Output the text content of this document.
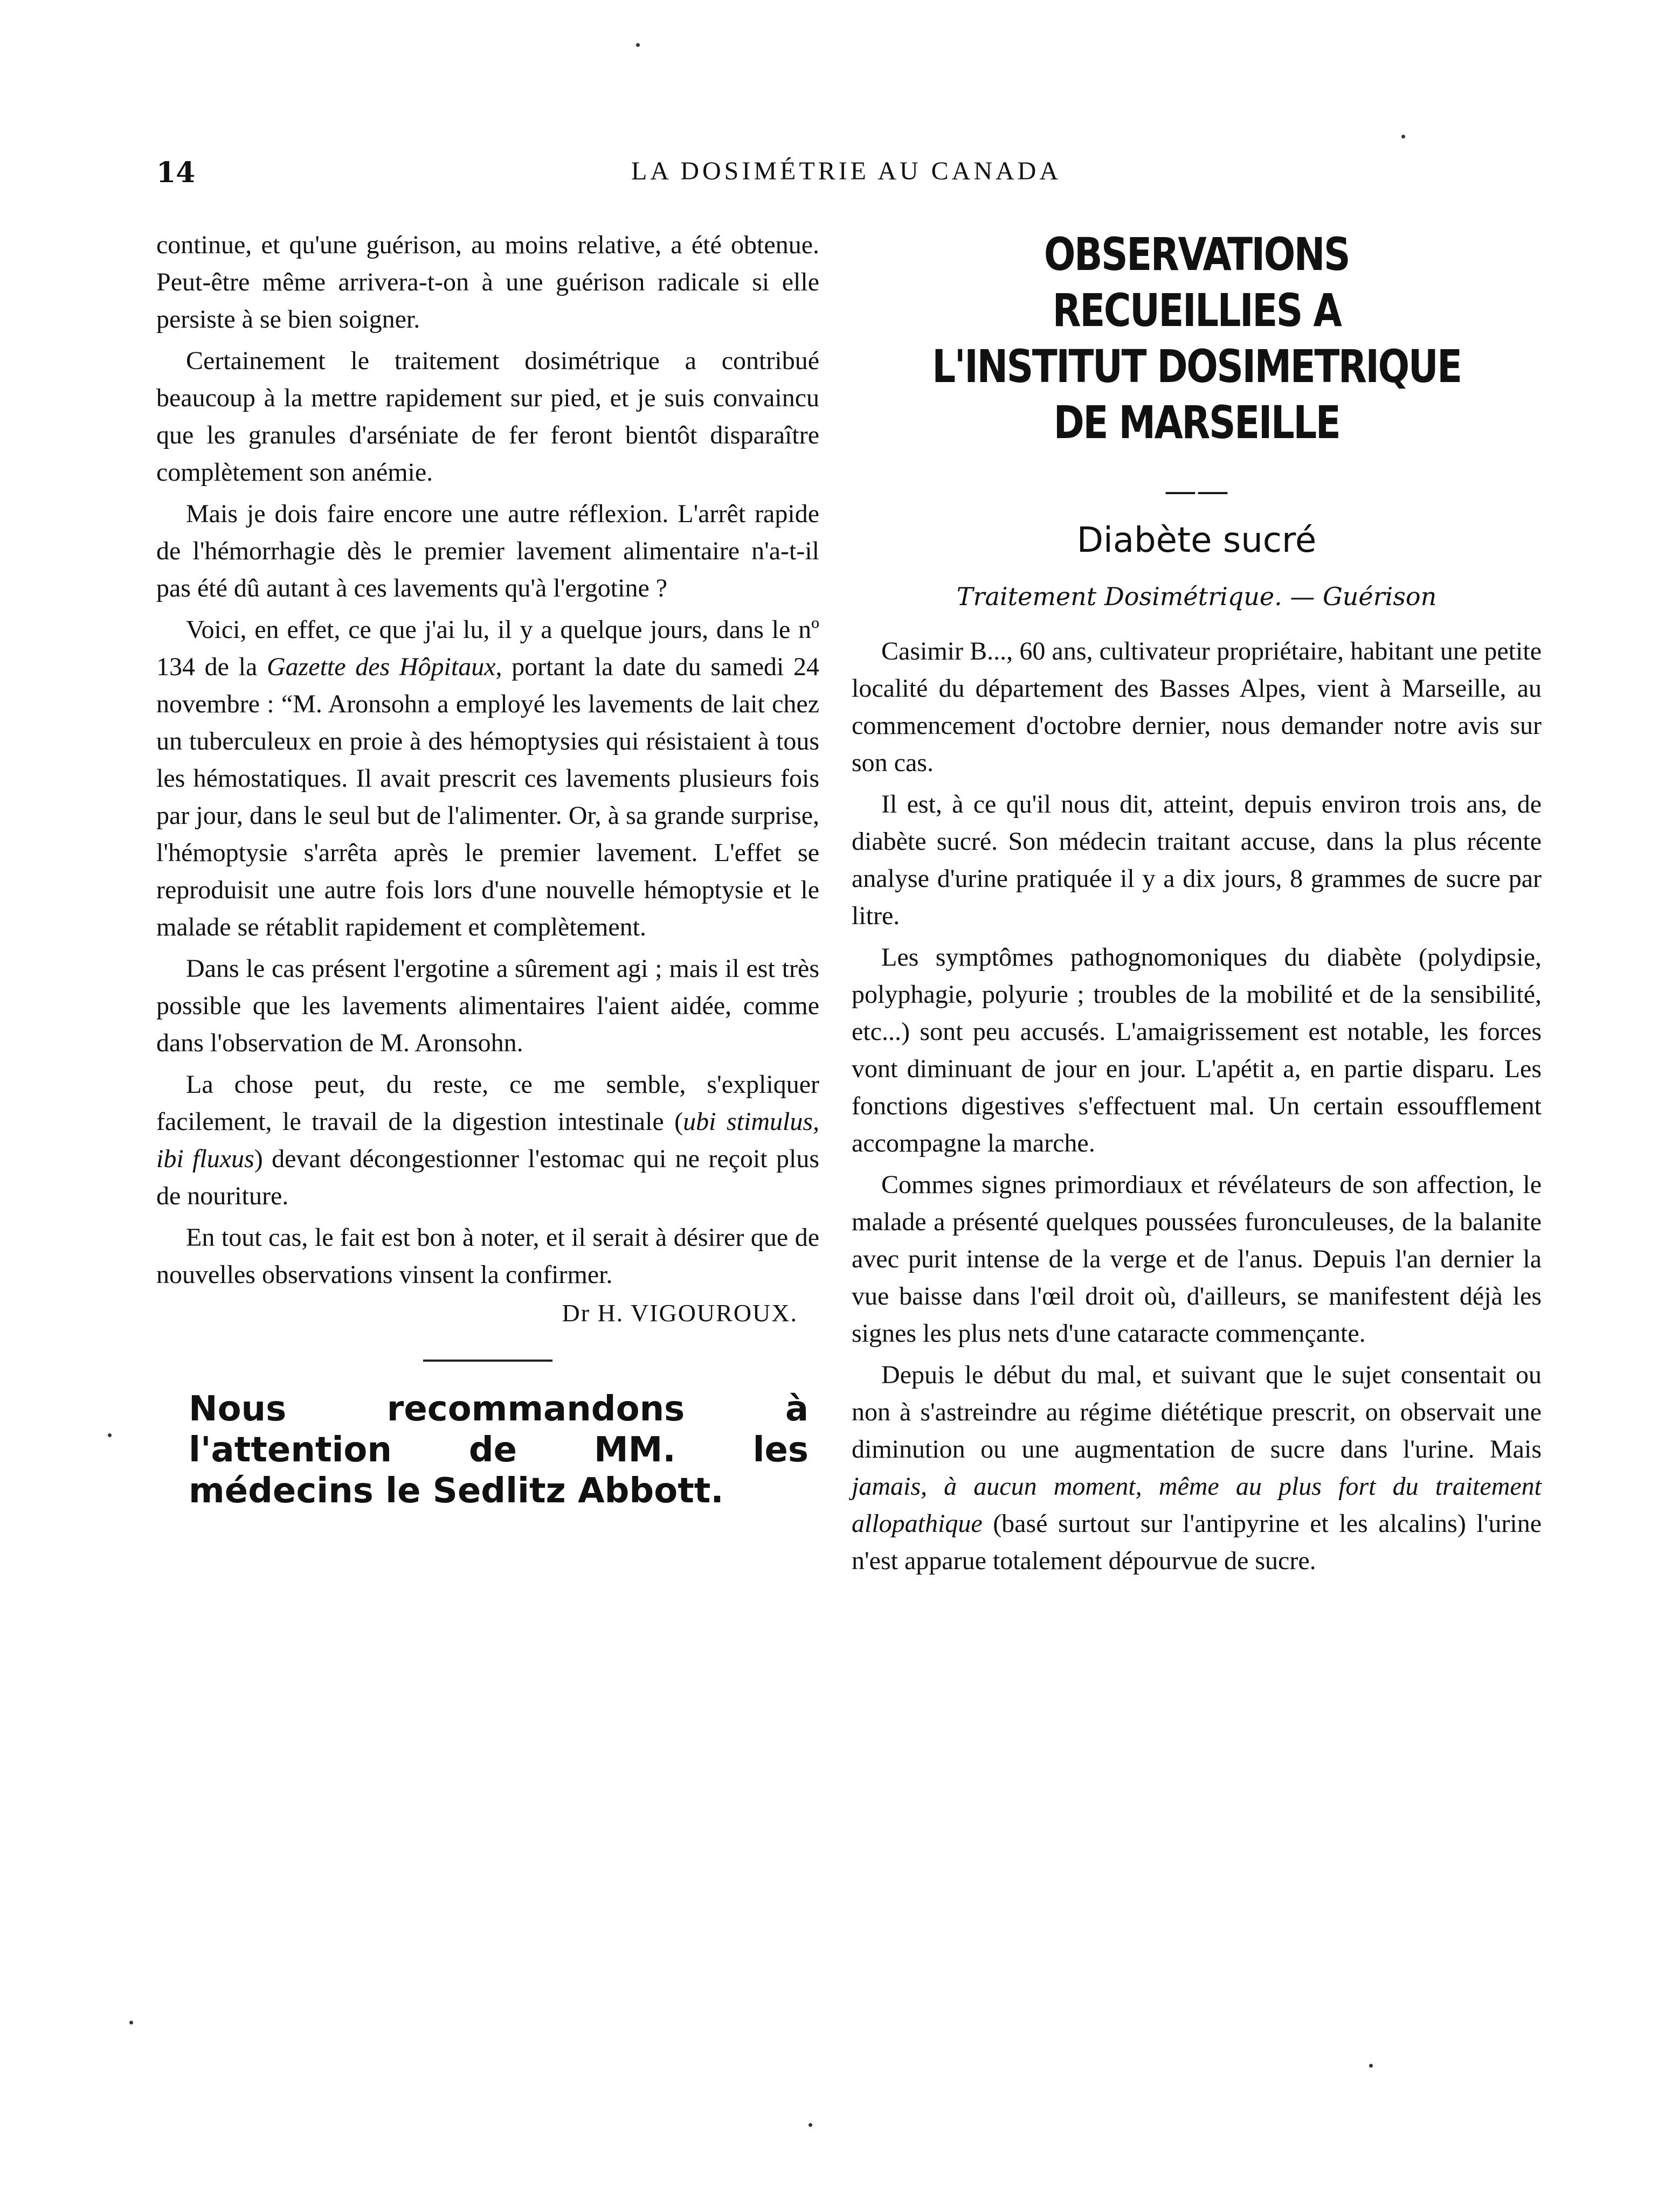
14	LA DOSIMÉTRIE AU CANADA

continue, et qu'une guérison, au moins relative, a été obtenue. Peut-être même arrivera-t-on à une guérison radicale si elle persiste à se bien soigner.

Certainement le traitement dosimétrique a contribué beaucoup à la mettre rapidement sur pied, et je suis convaincu que les granules d'arséniate de fer feront bientôt disparaître complètement son anémie.

Mais je dois faire encore une autre réflexion. L'arrêt rapide de l'hémorrhagie dès le premier lavement alimentaire n'a-t-il pas été dû autant à ces lavements qu'à l'ergotine ?

Voici, en effet, ce que j'ai lu, il y a quelque jours, dans le nº 134 de la Gazette des Hôpitaux, portant la date du samedi 24 novembre : “M. Aronsohn a employé les lavements de lait chez un tuberculeux en proie à des hémoptysies qui résistaient à tous les hémostatiques. Il avait prescrit ces lavements plusieurs fois par jour, dans le seul but de l'alimenter. Or, à sa grande surprise, l'hémoptysie s'arrêta après le premier lavement. L'effet se reproduisit une autre fois lors d'une nouvelle hémoptysie et le malade se rétablit rapidement et complètement.

Dans le cas présent l'ergotine a sûrement agi ; mais il est très possible que les lavements alimentaires l'aient aidée, comme dans l'observation de M. Aronsohn.

La chose peut, du reste, ce me semble, s'expliquer facilement, le travail de la digestion intestinale (ubi stimulus, ibi fluxus) devant décongestionner l'estomac qui ne reçoit plus de nouriture.

En tout cas, le fait est bon à noter, et il serait à désirer que de nouvelles observations vinsent la confirmer.

Dr H. VIGOUROUX.
Nous recommandons à l'attention de MM. les médecins le Sedlitz Abbott.
OBSERVATIONS RECUEILLIES A
L'INSTITUT DOSIMETRIQUE
DE MARSEILLE
——
Diabète sucré
Traitement Dosimétrique. — Guérison

Casimir B..., 60 ans, cultivateur propriétaire, habitant une petite localité du département des Basses Alpes, vient à Marseille, au commencement d'octobre dernier, nous demander notre avis sur son cas.

Il est, à ce qu'il nous dit, atteint, depuis environ trois ans, de diabète sucré. Son médecin traitant accuse, dans la plus récente analyse d'urine pratiquée il y a dix jours, 8 grammes de sucre par litre.

Les symptômes pathognomoniques du diabète (polydipsie, polyphagie, polyurie ; troubles de la mobilité et de la sensibilité, etc...) sont peu accusés. L'amaigrissement est notable, les forces vont diminuant de jour en jour. L'apétit a, en partie disparu. Les fonctions digestives s'effectuent mal. Un certain essoufflement accompagne la marche.

Commes signes primordiaux et révélateurs de son affection, le malade a présenté quelques poussées furonculeuses, de la balanite avec purit intense de la verge et de l'anus. Depuis l'an dernier la vue baisse dans l'œil droit où, d'ailleurs, se manifestent déjà les signes les plus nets d'une cataracte commençante.

Depuis le début du mal, et suivant que le sujet consentait ou non à s'astreindre au régime diététique prescrit, on observait une diminution ou une augmentation de sucre dans l'urine. Mais jamais, à aucun moment, même au plus fort du traitement allopathique (basé surtout sur l'antipyrine et les alcalins) l'urine n'est apparue totalement dépourvue de sucre.
